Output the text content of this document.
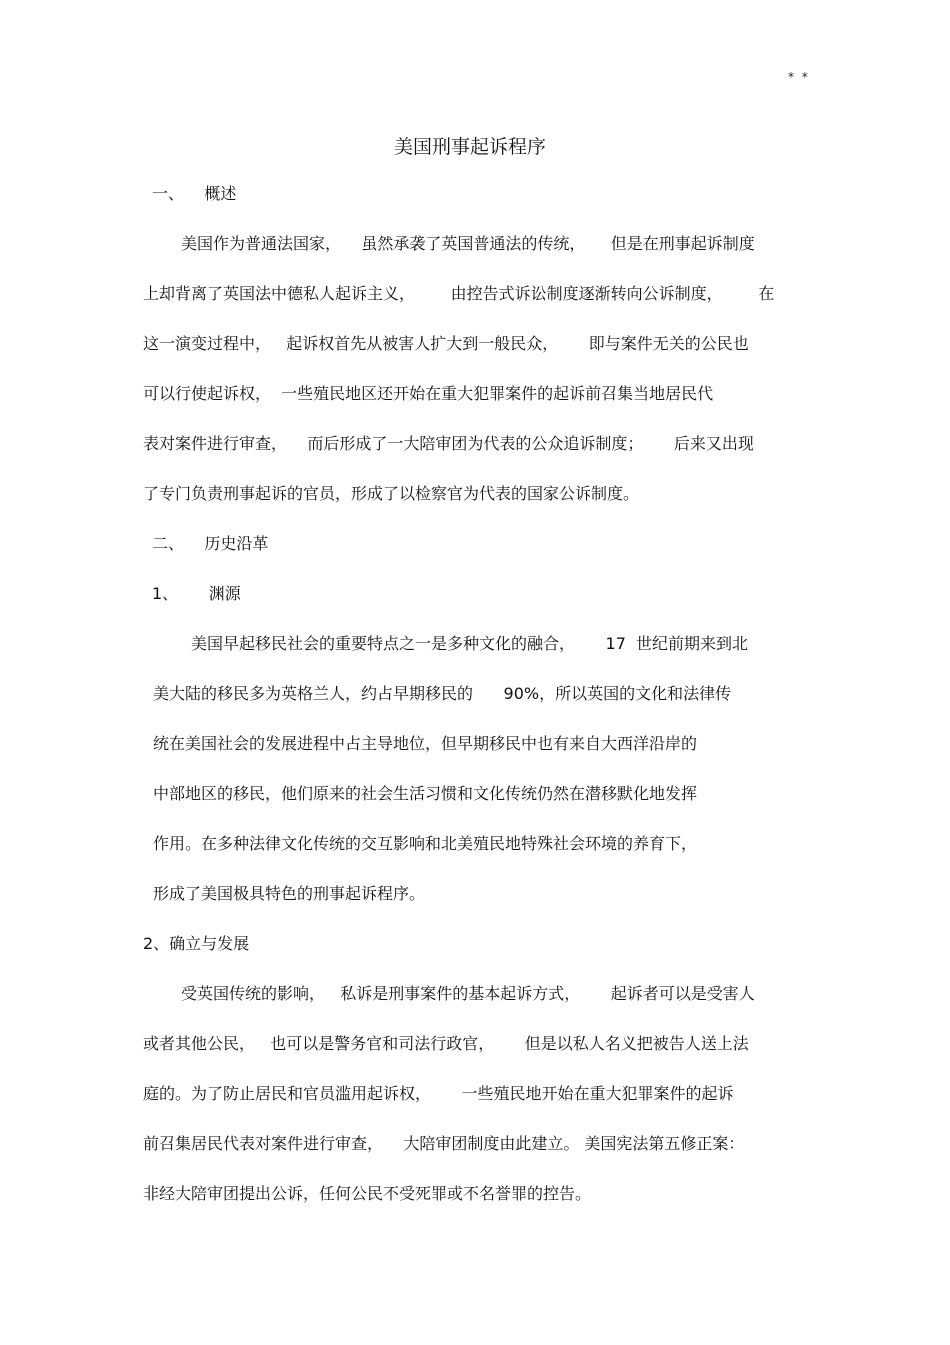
* *
美国刑事起诉程序
一、    概述
美国作为普通法国家，    虽然承袭了英国普通法的传统，     但是在刑事起诉制度
上却背离了英国法中德私人起诉主义，       由控告式诉讼制度逐渐转向公诉制度，       在
这一演变过程中，   起诉权首先从被害人扩大到一般民众，      即与案件无关的公民也
可以行使起诉权，  一些殖民地区还开始在重大犯罪案件的起诉前召集当地居民代
表对案件进行审查，    而后形成了一大陪审团为代表的公众追诉制度；      后来又出现
了专门负责刑事起诉的官员，形成了以检察官为代表的国家公诉制度。
二、    历史沿革
1、      渊源
美国早起移民社会的重要特点之一是多种文化的融合，      17  世纪前期来到北
美大陆的移民多为英格兰人，约占早期移民的      90%，所以英国的文化和法律传
统在美国社会的发展进程中占主导地位，但早期移民中也有来自大西洋沿岸的
中部地区的移民，他们原来的社会生活习惯和文化传统仍然在潜移默化地发挥
作用。在多种法律文化传统的交互影响和北美殖民地特殊社会环境的养育下，
形成了美国极具特色的刑事起诉程序。
2、确立与发展
受英国传统的影响，   私诉是刑事案件的基本起诉方式，      起诉者可以是受害人
或者其他公民，   也可以是警务官和司法行政官，      但是以私人名义把被告人送上法
庭的。为了防止居民和官员滥用起诉权，      一些殖民地开始在重大犯罪案件的起诉
前召集居民代表对案件进行审查，    大陪审团制度由此建立。 美国宪法第五修正案：
非经大陪审团提出公诉，任何公民不受死罪或不名誉罪的控告。
